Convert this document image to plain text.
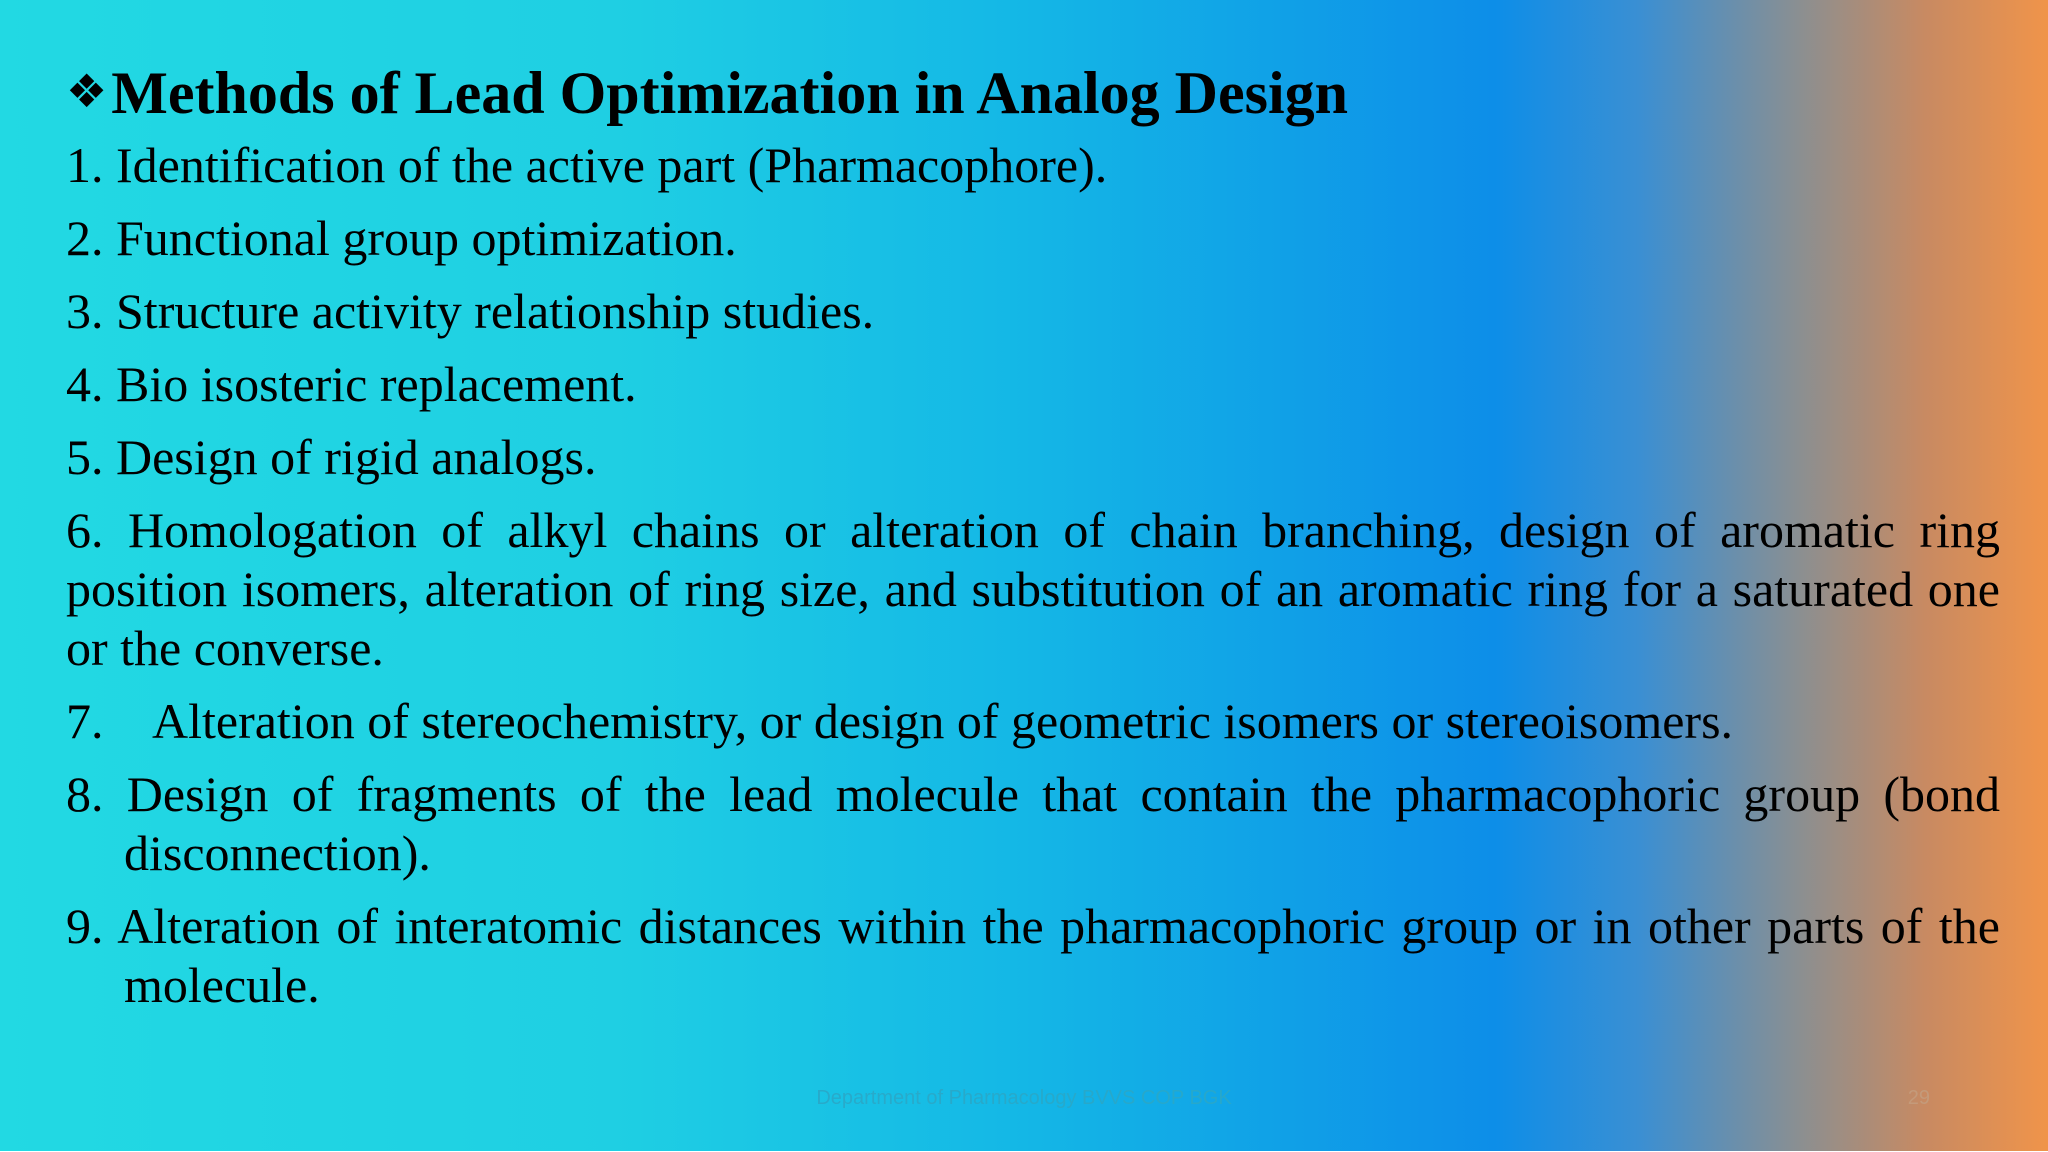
❖Methods of Lead Optimization in Analog Design
1. Identification of the active part (Pharmacophore).
2. Functional group optimization.
3. Structure activity relationship studies.
4. Bio isosteric replacement.
5. Design of rigid analogs.
6. Homologation of alkyl chains or alteration of chain branching, design of aromatic ring position isomers, alteration of ring size, and substitution of an aromatic ring for a saturated one or the converse.
7. Alteration of stereochemistry, or design of geometric isomers or stereoisomers.
8. Design of fragments of the lead molecule that contain the pharmacophoric group (bond disconnection).
9. Alteration of interatomic distances within the pharmacophoric group or in other parts of the molecule.
Department of Pharmacology BVVS COP BGK	29
